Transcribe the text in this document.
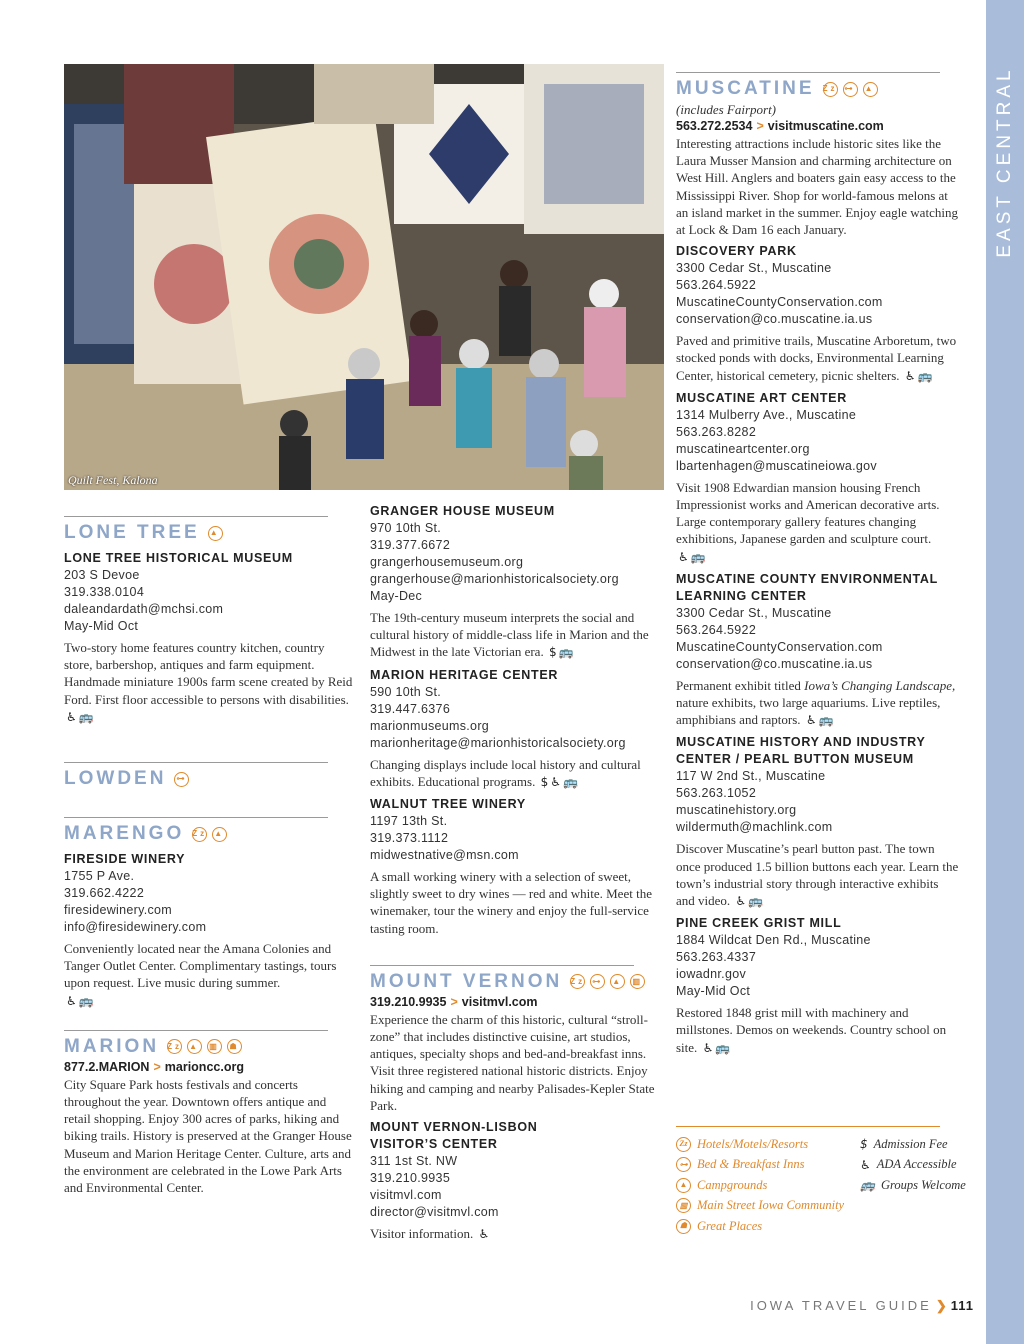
EAST CENTRAL
Quilt Fest, Kalona
LONE TREE ▲
LONE TREE HISTORICAL MUSEUM
203 S Devoe
319.338.0104
daleandardath@mchsi.com
May-Mid Oct
Two-story home features country kitchen, country store, barbershop, antiques and farm equipment. Handmade miniature 1900s farm scene created by Reid Ford. First floor accessible to persons with disabilities. ♿ 🚌
LOWDEN ⊶
MARENGO Zz ▲
FIRESIDE WINERY
1755 P Ave.
319.662.4222
firesidewinery.com
info@firesidewinery.com
Conveniently located near the Amana Colonies and Tanger Outlet Center. Complimentary tastings, tours upon request. Live music during summer.
♿ 🚌
MARION Zz ▲ ▥	☗
877.2.MARION > marioncc.org
City Square Park hosts festivals and concerts throughout the year. Downtown offers antique and retail shopping. Enjoy 300 acres of parks, hiking and biking trails. History is preserved at the Granger House Museum and Marion Heritage Center. Culture, arts and the environment are celebrated in the Lowe Park Arts and Environmental Center.
GRANGER HOUSE MUSEUM
970 10th St.
319.377.6672
grangerhousemuseum.org
grangerhouse@marionhistoricalsociety.org
May-Dec
The 19th-century museum interprets the social and cultural history of middle-class life in Marion and the Midwest in the late Victorian era. $ 🚌
MARION HERITAGE CENTER
590 10th St.
319.447.6376
marionmuseums.org
marionheritage@marionhistoricalsociety.org
Changing displays include local history and cultural exhibits. Educational programs. $ ♿ 🚌
WALNUT TREE WINERY
1197 13th St.
319.373.1112
midwestnative@msn.com
A small working winery with a selection of sweet, slightly sweet to dry wines — red and white. Meet the winemaker, tour the winery and enjoy the full-service tasting room.
MOUNT VERNON Zz ⊶ ▲ ▥
319.210.9935 > visitmvl.com
Experience the charm of this historic, cultural “stroll-zone” that includes distinctive cuisine, art studios, antiques, specialty shops and bed-and-breakfast inns. Visit three registered national historic districts. Enjoy hiking and camping and nearby Palisades-Kepler State Park.
MOUNT VERNON-LISBON
VISITOR’S CENTER
311 1st St. NW
319.210.9935
visitmvl.com
director@visitmvl.com
Visitor information. ♿
MUSCATINE Zz ⊶ ▲
(includes Fairport)
563.272.2534 > visitmuscatine.com
Interesting attractions include historic sites like the Laura Musser Mansion and charming architecture on West Hill. Anglers and boaters gain easy access to the Mississippi River. Shop for world-famous melons at an island market in the summer. Enjoy eagle watching at Lock & Dam 16 each January.
DISCOVERY PARK
3300 Cedar St., Muscatine
563.264.5922
MuscatineCountyConservation.com
conservation@co.muscatine.ia.us
Paved and primitive trails, Muscatine Arboretum, two stocked ponds with docks, Environmental Learning Center, historical cemetery, picnic shelters. ♿ 🚌
MUSCATINE ART CENTER
1314 Mulberry Ave., Muscatine
563.263.8282
muscatineartcenter.org
lbartenhagen@muscatineiowa.gov
Visit 1908 Edwardian mansion housing French Impressionist works and American decorative arts. Large contemporary gallery features changing exhibitions, Japanese garden and sculpture court.
♿ 🚌
MUSCATINE COUNTY ENVIRONMENTAL
LEARNING CENTER
3300 Cedar St., Muscatine
563.264.5922
MuscatineCountyConservation.com
conservation@co.muscatine.ia.us
Permanent exhibit titled Iowa’s Changing Landscape, nature exhibits, two large aquariums. Live reptiles, amphibians and raptors. ♿ 🚌
MUSCATINE HISTORY AND INDUSTRY
CENTER / PEARL BUTTON MUSEUM
117 W 2nd St., Muscatine
563.263.1052
muscatinehistory.org
wildermuth@machlink.com
Discover Muscatine’s pearl button past. The town once produced 1.5 billion buttons each year. Learn the town’s industrial story through interactive exhibits and video. ♿ 🚌
PINE CREEK GRIST MILL
1884 Wildcat Den Rd., Muscatine
563.263.4337
iowadnr.gov
May-Mid Oct
Restored 1848 grist mill with machinery and millstones. Demos on weekends. Country school on site. ♿ 🚌
Zz Hotels/Motels/Resorts
⊶ Bed & Breakfast Inns
▲ Campgrounds
▥ Main Street Iowa Community
☗ Great Places
$ Admission Fee
♿ ADA Accessible
🚌 Groups Welcome
IOWA TRAVEL GUIDE ❯ 111
